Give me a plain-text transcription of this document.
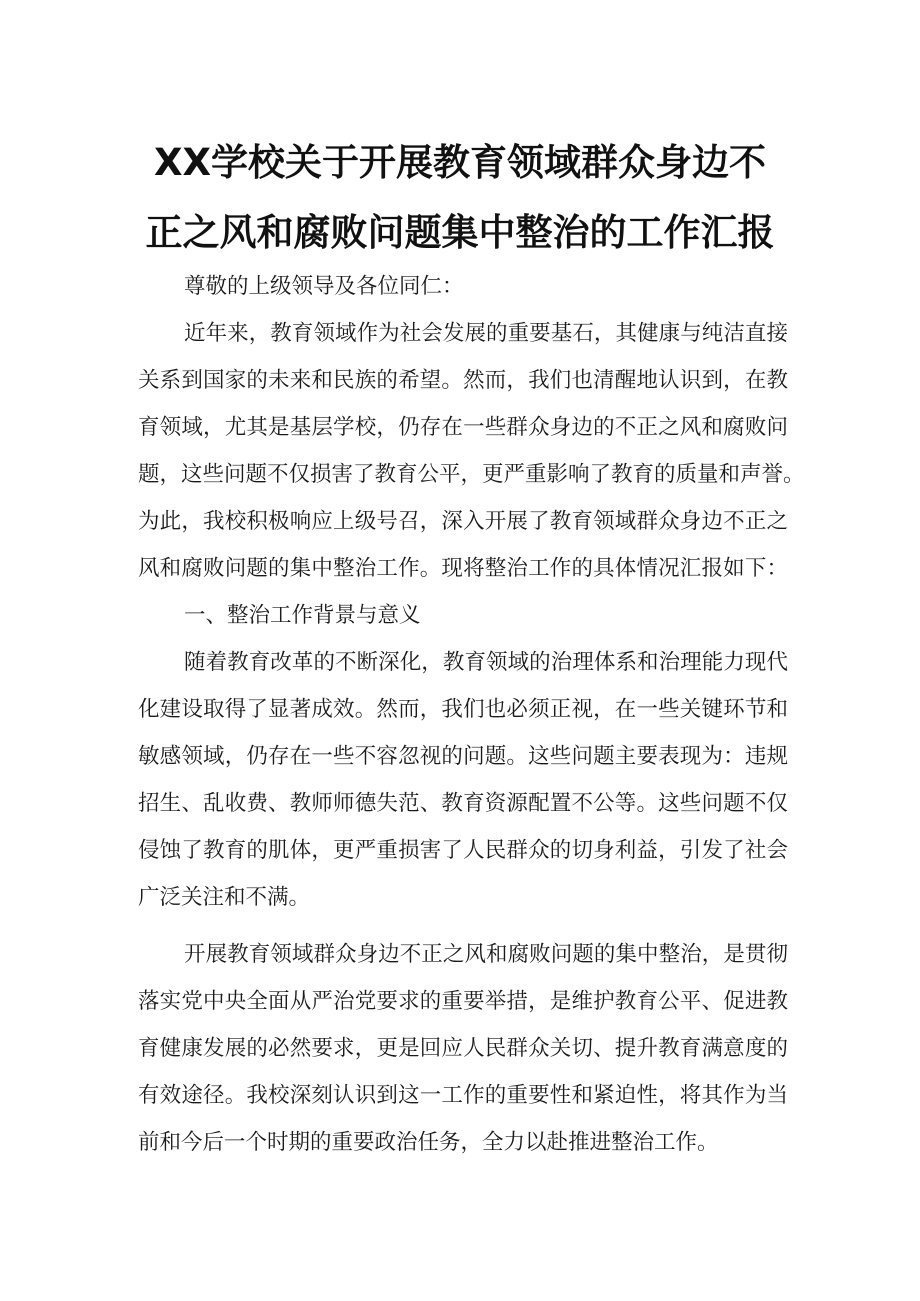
XX学校关于开展教育领域群众身边不
正之风和腐败问题集中整治的工作汇报
尊敬的上级领导及各位同仁：
近年来，教育领域作为社会发展的重要基石，其健康与纯洁直接
关系到国家的未来和民族的希望。然而，我们也清醒地认识到，在教
育领域，尤其是基层学校，仍存在一些群众身边的不正之风和腐败问
题，这些问题不仅损害了教育公平，更严重影响了教育的质量和声誉。
为此，我校积极响应上级号召，深入开展了教育领域群众身边不正之
风和腐败问题的集中整治工作。现将整治工作的具体情况汇报如下：
一、整治工作背景与意义
随着教育改革的不断深化，教育领域的治理体系和治理能力现代
化建设取得了显著成效。然而，我们也必须正视，在一些关键环节和
敏感领域，仍存在一些不容忽视的问题。这些问题主要表现为：违规
招生、乱收费、教师师德失范、教育资源配置不公等。这些问题不仅
侵蚀了教育的肌体，更严重损害了人民群众的切身利益，引发了社会
广泛关注和不满。
开展教育领域群众身边不正之风和腐败问题的集中整治，是贯彻
落实党中央全面从严治党要求的重要举措，是维护教育公平、促进教
育健康发展的必然要求，更是回应人民群众关切、提升教育满意度的
有效途径。我校深刻认识到这一工作的重要性和紧迫性，将其作为当
前和今后一个时期的重要政治任务，全力以赴推进整治工作。
